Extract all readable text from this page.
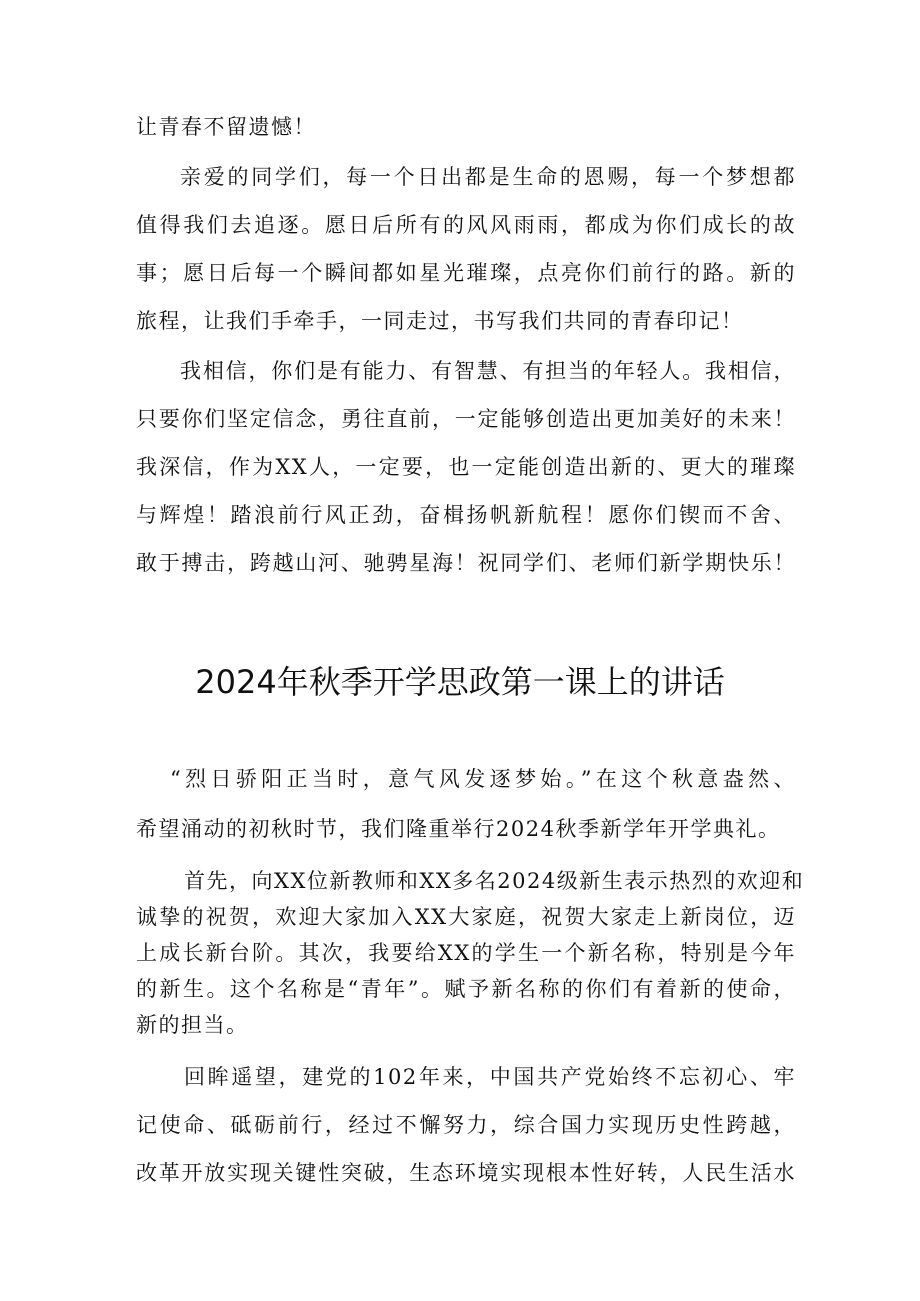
让青春不留遗憾！
亲爱的同学们，每一个日出都是生命的恩赐，每一个梦想都
值得我们去追逐。愿日后所有的风风雨雨，都成为你们成长的故
事；愿日后每一个瞬间都如星光璀璨，点亮你们前行的路。新的
旅程，让我们手牵手，一同走过，书写我们共同的青春印记！
我相信，你们是有能力、有智慧、有担当的年轻人。我相信，
只要你们坚定信念，勇往直前，一定能够创造出更加美好的未来！
我深信，作为XX人，一定要，也一定能创造出新的、更大的璀璨
与辉煌！踏浪前行风正劲，奋楫扬帆新航程！愿你们锲而不舍、
敢于搏击，跨越山河、驰骋星海！祝同学们、老师们新学期快乐！
2024年秋季开学思政第一课上的讲话
“烈日骄阳正当时，意气风发逐梦始。”在这个秋意盎然、
希望涌动的初秋时节，我们隆重举行2024秋季新学年开学典礼。
首先，向XX位新教师和XX多名2024级新生表示热烈的欢迎和
诚挚的祝贺，欢迎大家加入XX大家庭，祝贺大家走上新岗位，迈
上成长新台阶。其次，我要给XX的学生一个新名称，特别是今年
的新生。这个名称是“青年”。赋予新名称的你们有着新的使命，
新的担当。
回眸遥望，建党的102年来，中国共产党始终不忘初心、牢
记使命、砥砺前行，经过不懈努力，综合国力实现历史性跨越，
改革开放实现关键性突破，生态环境实现根本性好转，人民生活水
